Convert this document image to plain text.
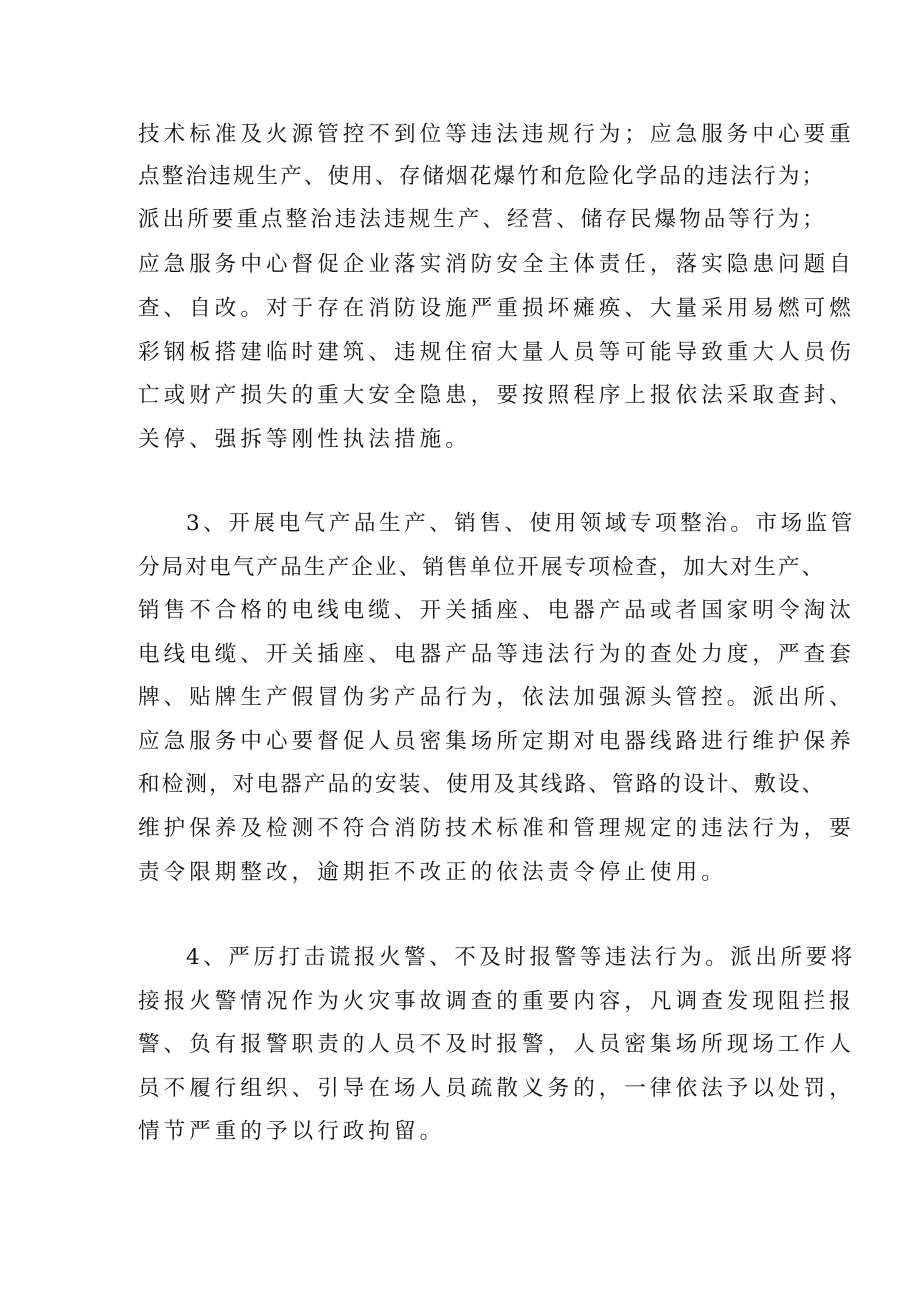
技术标准及火源管控不到位等违法违规行为；应急服务中心要重
点整治违规生产、使用、存储烟花爆竹和危险化学品的违法行为；
派出所要重点整治违法违规生产、经营、储存民爆物品等行为；
应急服务中心督促企业落实消防安全主体责任，落实隐患问题自
查、自改。对于存在消防设施严重损坏瘫痪、大量采用易燃可燃
彩钢板搭建临时建筑、违规住宿大量人员等可能导致重大人员伤
亡或财产损失的重大安全隐患，要按照程序上报依法采取查封、
关停、强拆等刚性执法措施。
3、开展电气产品生产、销售、使用领域专项整治。市场监管
分局对电气产品生产企业、销售单位开展专项检查，加大对生产、
销售不合格的电线电缆、开关插座、电器产品或者国家明令淘汰
电线电缆、开关插座、电器产品等违法行为的查处力度，严查套
牌、贴牌生产假冒伪劣产品行为，依法加强源头管控。派出所、
应急服务中心要督促人员密集场所定期对电器线路进行维护保养
和检测，对电器产品的安装、使用及其线路、管路的设计、敷设、
维护保养及检测不符合消防技术标准和管理规定的违法行为，要
责令限期整改，逾期拒不改正的依法责令停止使用。
4、严厉打击谎报火警、不及时报警等违法行为。派出所要将
接报火警情况作为火灾事故调查的重要内容，凡调查发现阻拦报
警、负有报警职责的人员不及时报警，人员密集场所现场工作人
员不履行组织、引导在场人员疏散义务的，一律依法予以处罚，
情节严重的予以行政拘留。
